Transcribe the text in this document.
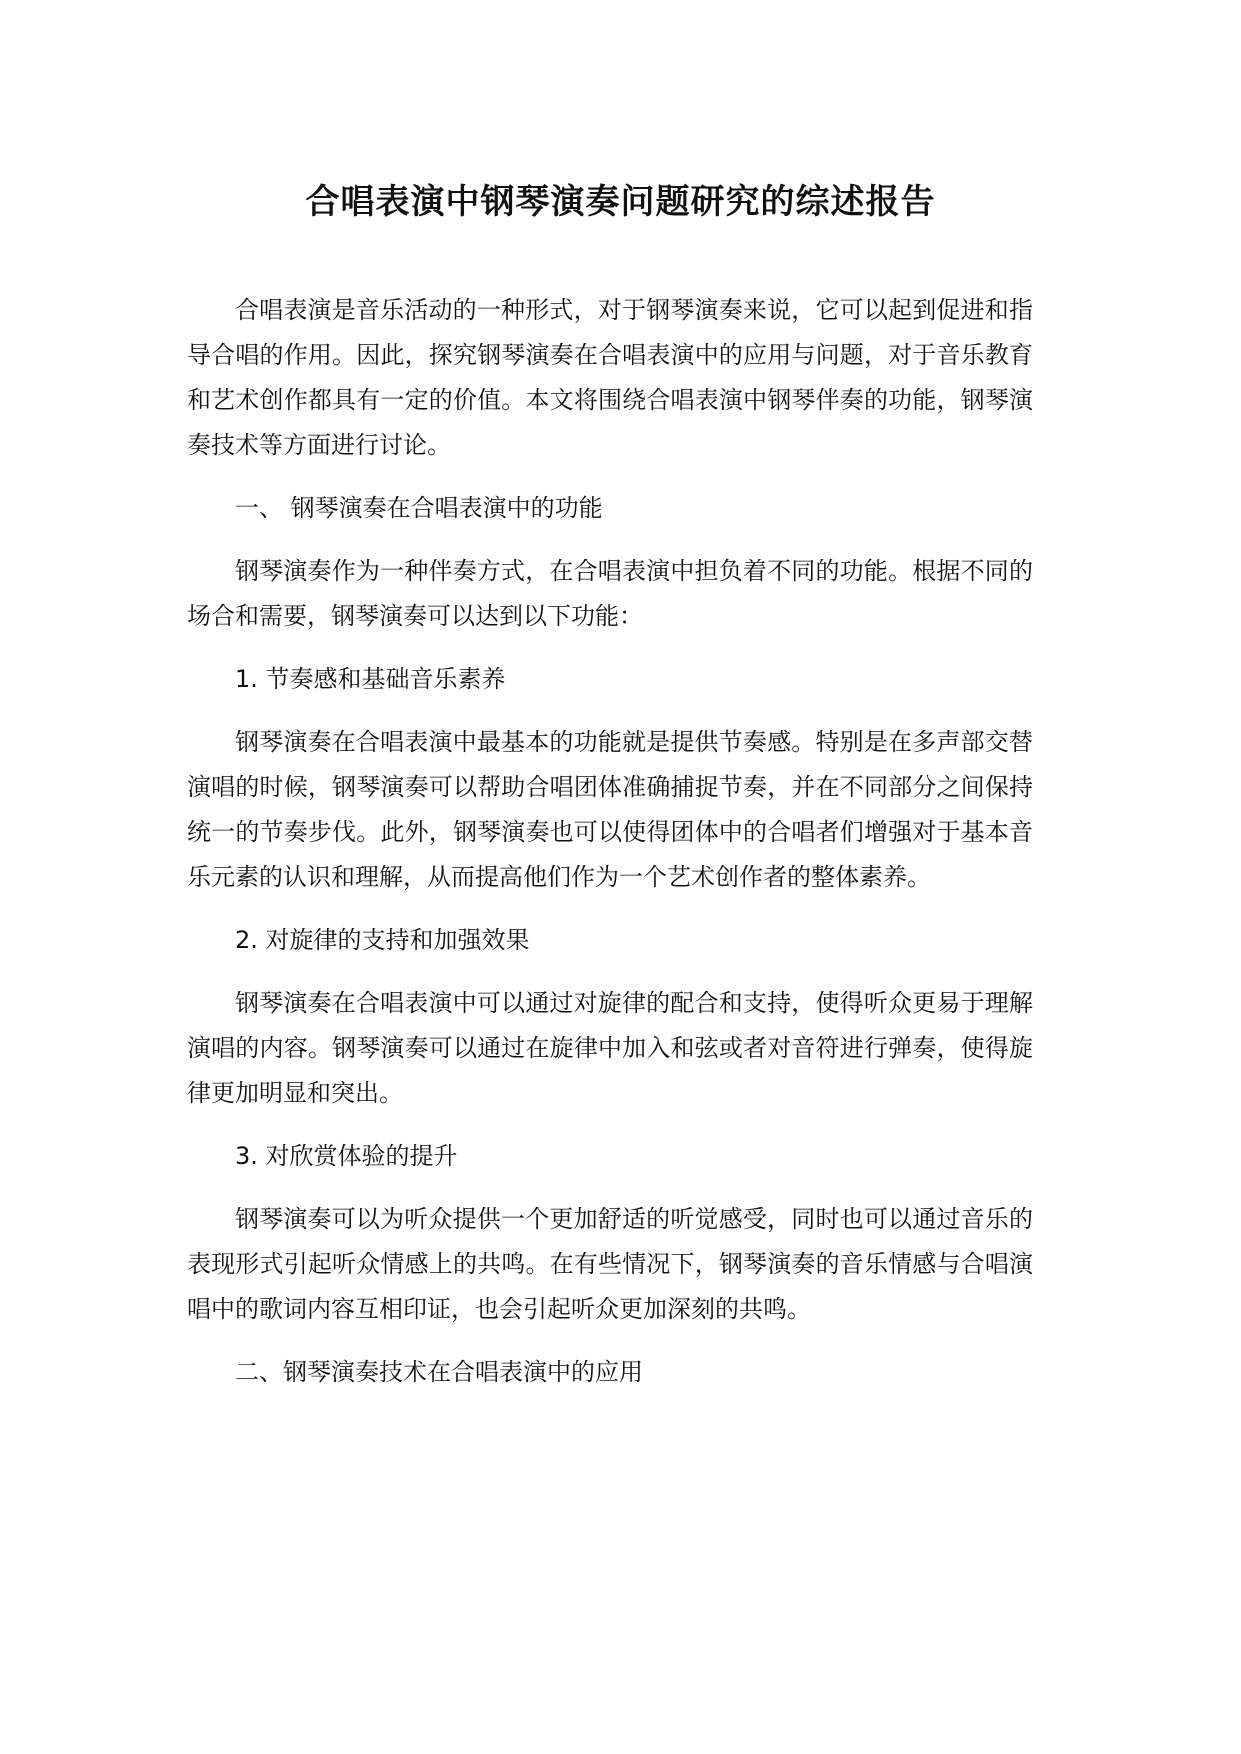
合唱表演中钢琴演奏问题研究的综述报告

合唱表演是音乐活动的一种形式，对于钢琴演奏来说，它可以起到促进和指导合唱的作用。因此，探究钢琴演奏在合唱表演中的应用与问题，对于音乐教育和艺术创作都具有一定的价值。本文将围绕合唱表演中钢琴伴奏的功能，钢琴演奏技术等方面进行讨论。

一、 钢琴演奏在合唱表演中的功能

钢琴演奏作为一种伴奏方式，在合唱表演中担负着不同的功能。根据不同的场合和需要，钢琴演奏可以达到以下功能：

1. 节奏感和基础音乐素养

钢琴演奏在合唱表演中最基本的功能就是提供节奏感。特别是在多声部交替演唱的时候，钢琴演奏可以帮助合唱团体准确捕捉节奏，并在不同部分之间保持统一的节奏步伐。此外，钢琴演奏也可以使得团体中的合唱者们增强对于基本音乐元素的认识和理解，从而提高他们作为一个艺术创作者的整体素养。

2. 对旋律的支持和加强效果

钢琴演奏在合唱表演中可以通过对旋律的配合和支持，使得听众更易于理解演唱的内容。钢琴演奏可以通过在旋律中加入和弦或者对音符进行弹奏，使得旋律更加明显和突出。

3. 对欣赏体验的提升

钢琴演奏可以为听众提供一个更加舒适的听觉感受，同时也可以通过音乐的表现形式引起听众情感上的共鸣。在有些情况下，钢琴演奏的音乐情感与合唱演唱中的歌词内容互相印证，也会引起听众更加深刻的共鸣。

二、钢琴演奏技术在合唱表演中的应用
